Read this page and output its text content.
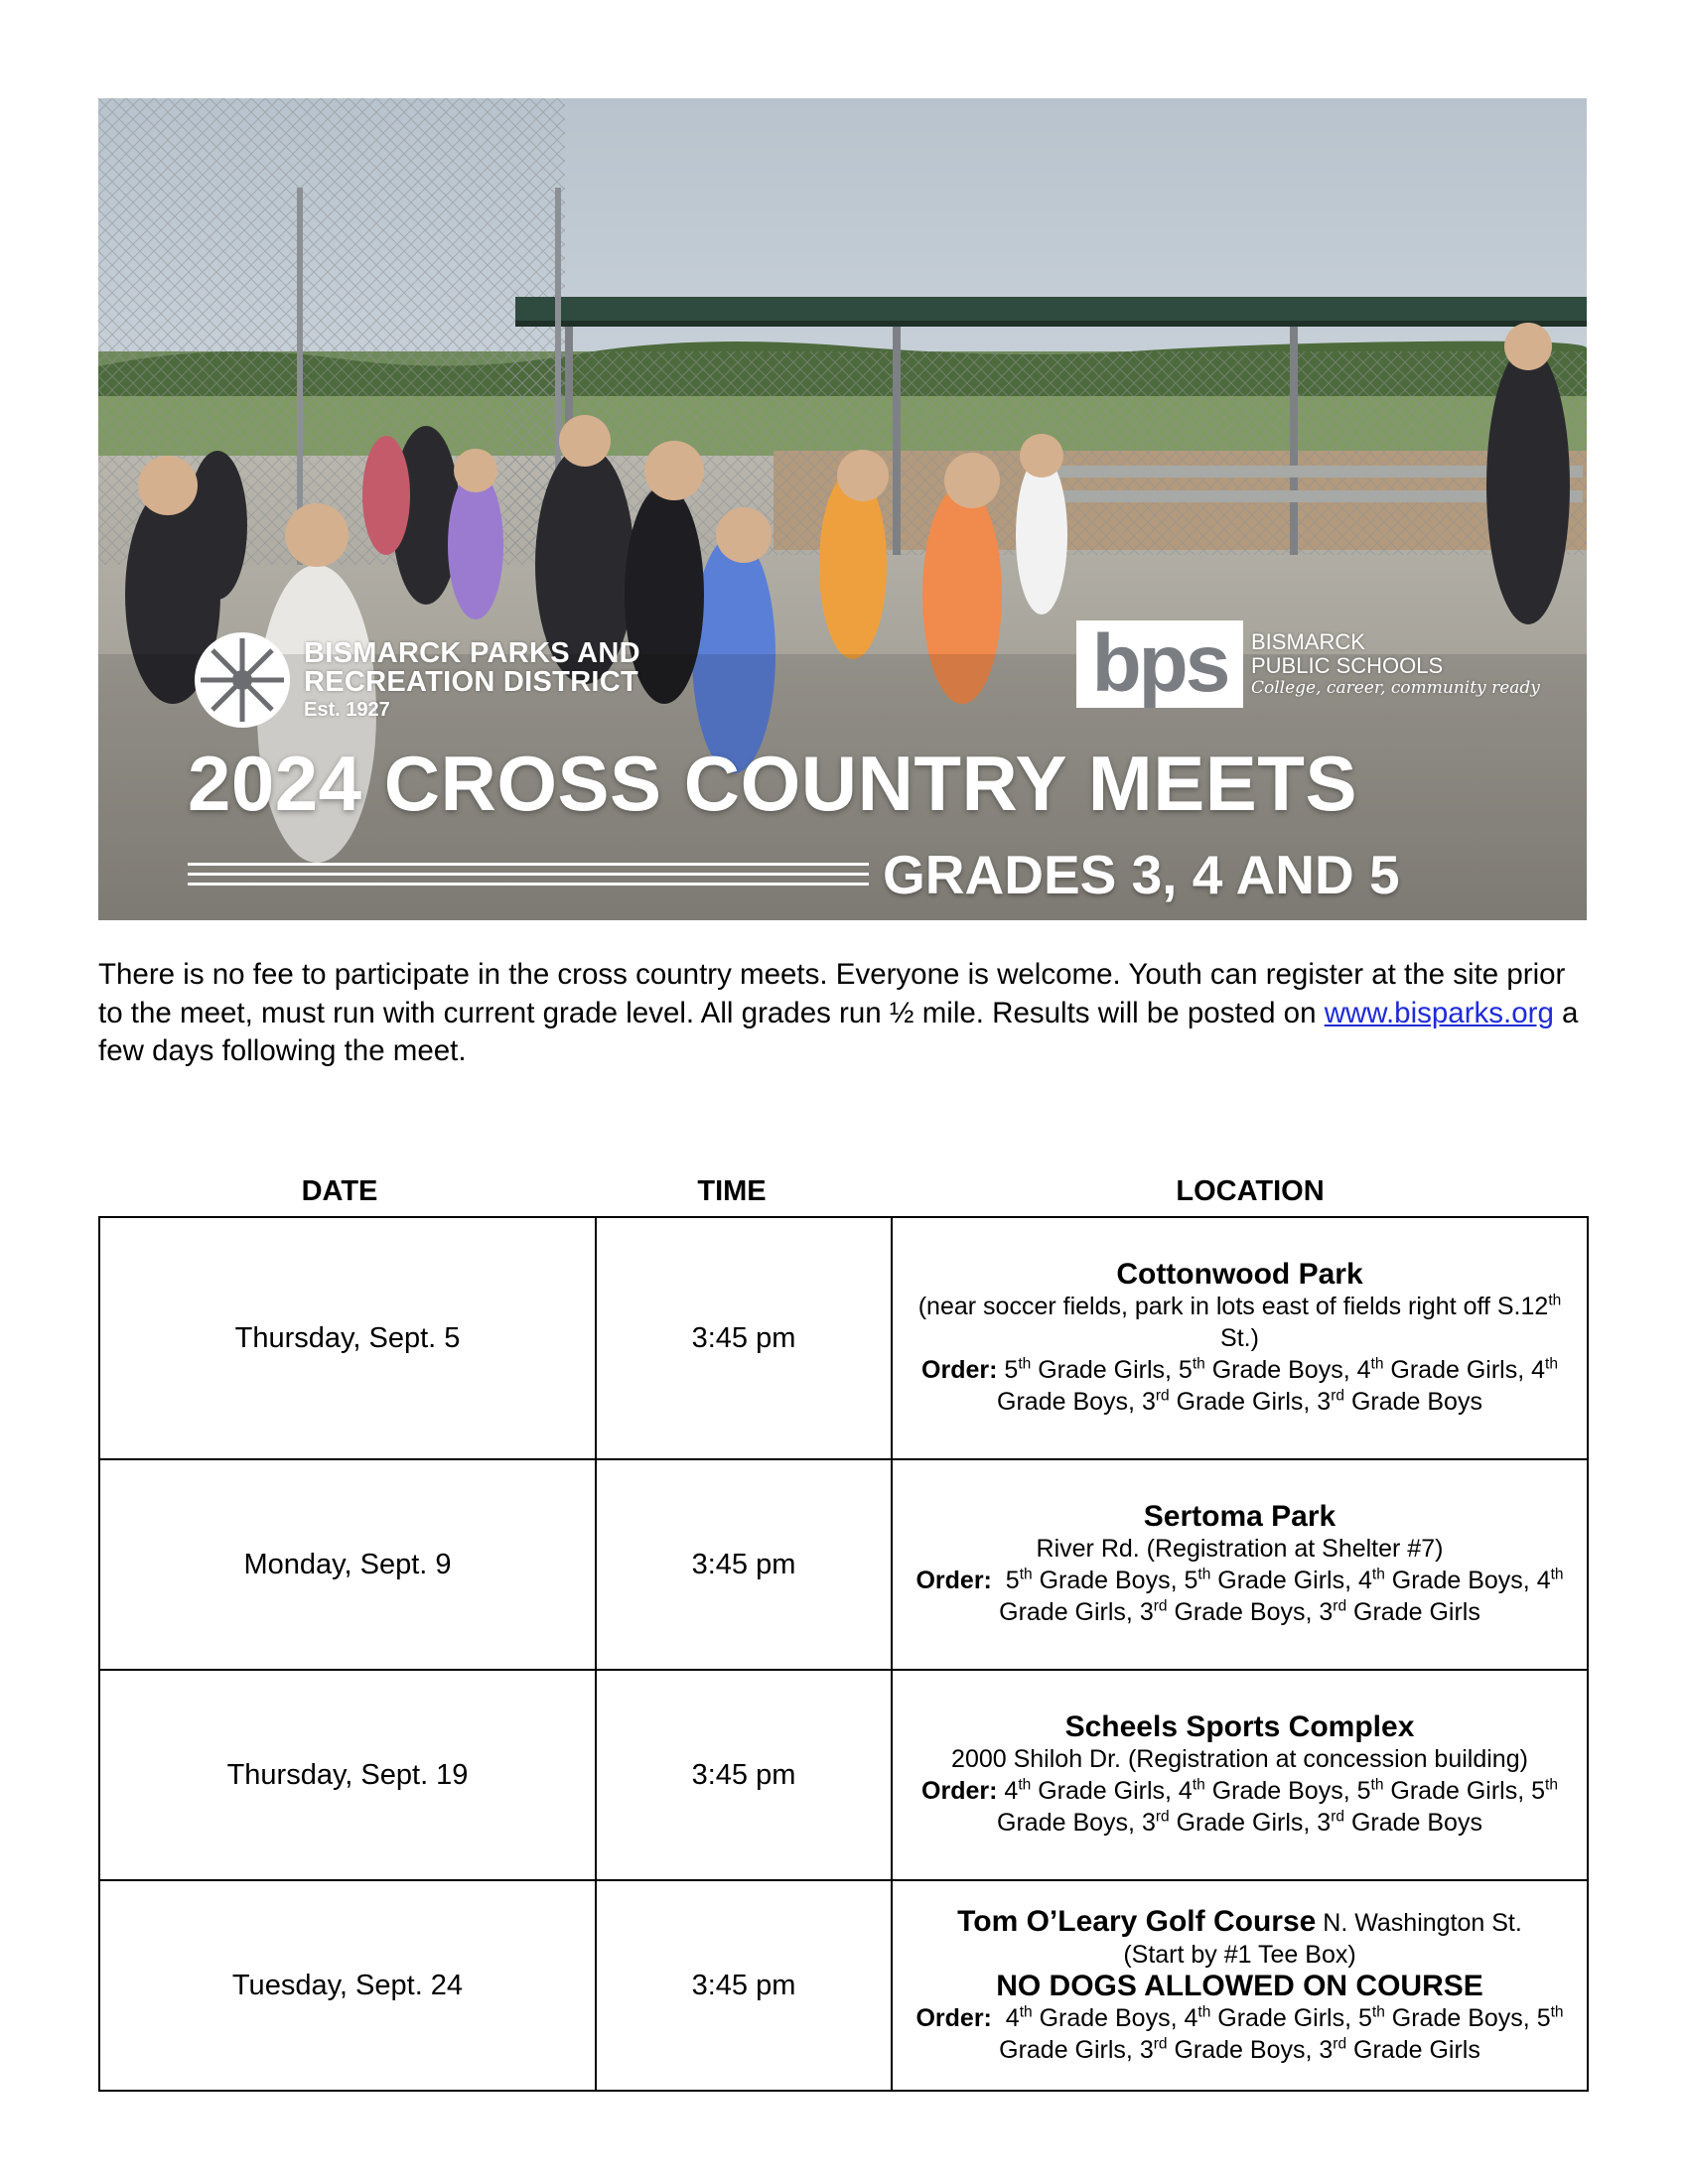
BISMARCK PARKS AND
RECREATION DISTRICT
Est. 1927
bps	BISMARCK
PUBLIC SCHOOLS
College, career, community ready
2024 CROSS COUNTRY MEETS
GRADES 3, 4 AND 5

There is no fee to participate in the cross country meets. Everyone is welcome. Youth can register at the site prior to the meet, must run with current grade level. All grades run ½ mile. Results will be posted on www.bisparks.org a few days following the meet.

DATE	TIME	LOCATION
Thursday, Sept. 5	3:45 pm	Cottonwood Park
(near soccer fields, park in lots east of fields right off S.12th St.)
Order: 5th Grade Girls, 5th Grade Boys, 4th Grade Girls, 4th Grade Boys, 3rd Grade Girls, 3rd Grade Boys

Monday, Sept. 9	3:45 pm	Sertoma Park
River Rd. (Registration at Shelter #7)
Order: 5th Grade Boys, 5th Grade Girls, 4th Grade Boys, 4th Grade Girls, 3rd Grade Boys, 3rd Grade Girls

Thursday, Sept. 19	3:45 pm	Scheels Sports Complex
2000 Shiloh Dr. (Registration at concession building)
Order: 4th Grade Girls, 4th Grade Boys, 5th Grade Girls, 5th Grade Boys, 3rd Grade Girls, 3rd Grade Boys

Tuesday, Sept. 24	3:45 pm	Tom O’Leary Golf Course N. Washington St.
(Start by #1 Tee Box)
NO DOGS ALLOWED ON COURSE
Order: 4th Grade Boys, 4th Grade Girls, 5th Grade Boys, 5th Grade Girls, 3rd Grade Boys, 3rd Grade Girls
